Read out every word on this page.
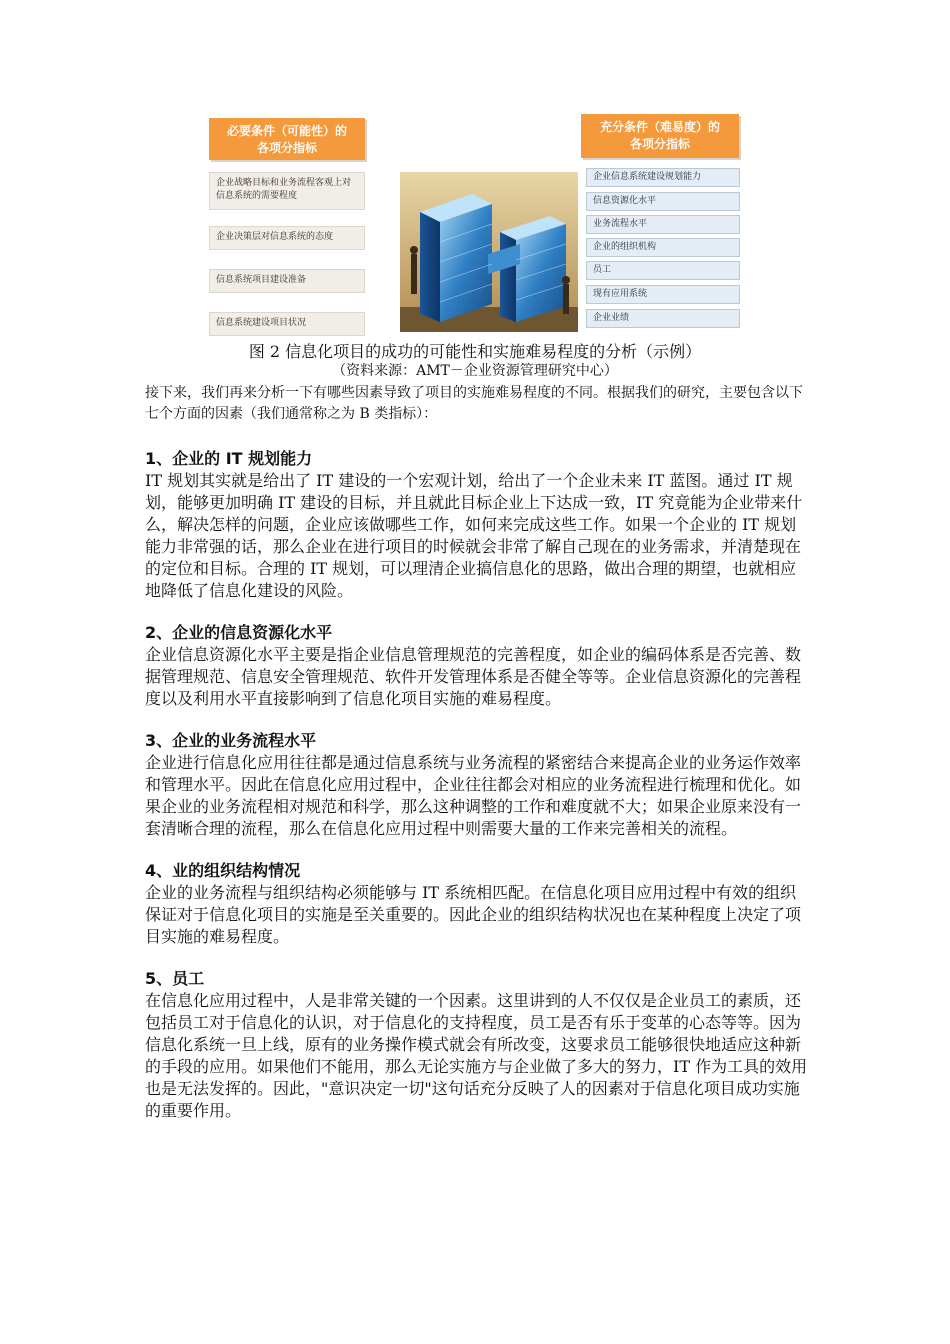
必要条件（可能性）的
各项分指标
充分条件（难易度）的
各项分指标
企业战略目标和业务流程客观上对信息系统的需要程度
企业决策层对信息系统的态度
信息系统项目建设准备
信息系统建设项目状况
企业信息系统建设规划能力
信息资源化水平
业务流程水平
企业的组织机构
员工
现有应用系统
企业业绩
图 2 信息化项目的成功的可能性和实施难易程度的分析（示例）
（资料来源：AMT－企业资源管理研究中心）
接下来，我们再来分析一下有哪些因素导致了项目的实施难易程度的不同。根据我们的研究，主要包含以下七个方面的因素（我们通常称之为 B 类指标）：
1、企业的 IT 规划能力

IT 规划其实就是给出了 IT 建设的一个宏观计划，给出了一个企业未来 IT 蓝图。通过 IT 规划，能够更加明确 IT 建设的目标，并且就此目标企业上下达成一致，IT 究竟能为企业带来什么，解决怎样的问题，企业应该做哪些工作，如何来完成这些工作。如果一个企业的 IT 规划能力非常强的话，那么企业在进行项目的时候就会非常了解自己现在的业务需求，并清楚现在的定位和目标。合理的 IT 规划，可以理清企业搞信息化的思路，做出合理的期望，也就相应地降低了信息化建设的风险。

2、企业的信息资源化水平

企业信息资源化水平主要是指企业信息管理规范的完善程度，如企业的编码体系是否完善、数据管理规范、信息安全管理规范、软件开发管理体系是否健全等等。企业信息资源化的完善程度以及利用水平直接影响到了信息化项目实施的难易程度。

3、企业的业务流程水平

企业进行信息化应用往往都是通过信息系统与业务流程的紧密结合来提高企业的业务运作效率和管理水平。因此在信息化应用过程中，企业往往都会对相应的业务流程进行梳理和优化。如果企业的业务流程相对规范和科学，那么这种调整的工作和难度就不大；如果企业原来没有一套清晰合理的流程，那么在信息化应用过程中则需要大量的工作来完善相关的流程。

4、业的组织结构情况

企业的业务流程与组织结构必须能够与 IT 系统相匹配。在信息化项目应用过程中有效的组织保证对于信息化项目的实施是至关重要的。因此企业的组织结构状况也在某种程度上决定了项目实施的难易程度。

5、员工

在信息化应用过程中，人是非常关键的一个因素。这里讲到的人不仅仅是企业员工的素质，还包括员工对于信息化的认识，对于信息化的支持程度，员工是否有乐于变革的心态等等。因为信息化系统一旦上线，原有的业务操作模式就会有所改变，这要求员工能够很快地适应这种新的手段的应用。如果他们不能用，那么无论实施方与企业做了多大的努力，IT 作为工具的效用也是无法发挥的。因此，"意识决定一切"这句话充分反映了人的因素对于信息化项目成功实施的重要作用。
